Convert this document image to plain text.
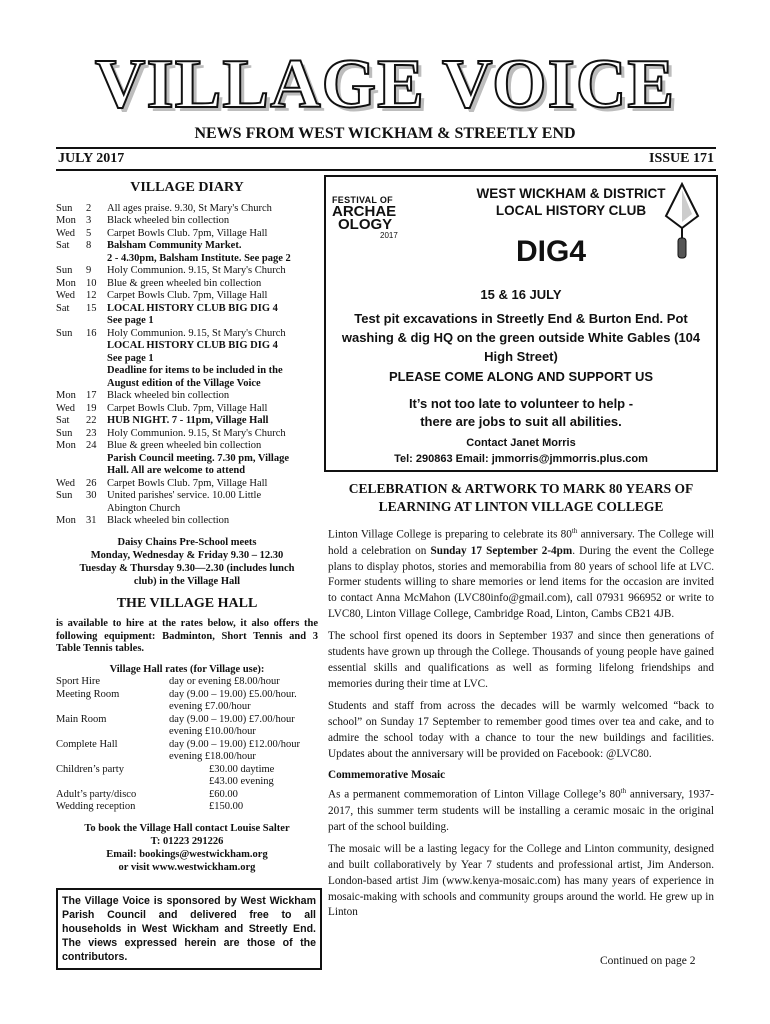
VILLAGE VOICE
NEWS FROM WEST WICKHAM & STREETLY END
JULY 2017	ISSUE 171
VILLAGE DIARY
Sun	2	All ages praise. 9.30, St Mary's Church
Mon 3	Black wheeled bin collection
Wed	5	Carpet Bowls Club. 7pm, Village Hall
Sat	8	Balsham Community Market.
2 - 4.30pm, Balsham Institute. See page 2
Sun	9	Holy Communion. 9.15, St Mary's Church
Mon 10	Blue & green wheeled bin collection
Wed	12	Carpet Bowls Club. 7pm, Village Hall
Sat	15	LOCAL HISTORY CLUB BIG DIG 4
See page 1
Sun	16	Holy Communion. 9.15, St Mary's Church
LOCAL HISTORY CLUB BIG DIG 4
See page 1
Deadline for items to be included in the
August edition of the Village Voice
Mon 17	Black wheeled bin collection
Wed	19	Carpet Bowls Club. 7pm, Village Hall
Sat	22	HUB NIGHT. 7 - 11pm, Village Hall
Sun	23	Holy Communion. 9.15, St Mary's Church
Mon 24	Blue & green wheeled bin collection
Parish Council meeting. 7.30 pm, Village
Hall. All are welcome to attend
Wed	26	Carpet Bowls Club. 7pm, Village Hall
Sun	30	United parishes' service. 10.00 Little
Abington Church
Mon 31	Black wheeled bin collection
Daisy Chains Pre-School meets
Monday, Wednesday & Friday 9.30 – 12.30
Tuesday & Thursday 9.30—2.30 (includes lunch
club) in the Village Hall
THE VILLAGE HALL
is available to hire at the rates below, it also offers the following equipment: Badminton, Short Tennis and 3 Table Tennis tables.
Village Hall rates (for Village use):
Sport Hire	day or evening £8.00/hour
Meeting Room	day (9.00 – 19.00) £5.00/hour.
evening £7.00/hour
Main Room	day (9.00 – 19.00) £7.00/hour
evening £10.00/hour
Complete Hall	day (9.00 – 19.00) £12.00/hour
evening £18.00/hour
Children’s party	£30.00 daytime
£43.00 evening
Adult’s party/disco	£60.00
Wedding reception	£150.00
To book the Village Hall contact Louise Salter
T: 01223 291226
Email: bookings@westwickham.org
or visit www.westwickham.org
The Village Voice is sponsored by West Wickham Parish Council and delivered free to all households in West Wickham and Streetly End. The views expressed herein are those of the contributors.
FESTIVAL OF
ARCHAE
OLOGY
2017
WEST WICKHAM & DISTRICT
LOCAL HISTORY CLUB
DIG4
15 & 16 JULY
Test pit excavations in Streetly End & Burton End. Pot washing & dig HQ on the green outside White Gables (104 High Street)
PLEASE COME ALONG AND SUPPORT US
It’s not too late to volunteer to help -
there are jobs to suit all abilities.
Contact Janet Morris
Tel: 290863 Email: jmmorris@jmmorris.plus.com
CELEBRATION & ARTWORK TO MARK 80 YEARS OF LEARNING AT LINTON VILLAGE COLLEGE

Linton Village College is preparing to celebrate its 80th anniversary. The College will hold a celebration on Sunday 17 September 2-4pm. During the event the College plans to display photos, stories and memorabilia from 80 years of school life at LVC. Former students willing to share memories or lend items for the occasion are invited to contact Anna McMahon (LVC80info@gmail.com), call 07931 966952 or write to LVC80, Linton Village College, Cambridge Road, Linton, Cambs CB21 4JB.

The school first opened its doors in September 1937 and since then generations of students have grown up through the College. Thousands of young people have gained essential skills and qualifications as well as forming lifelong friendships and memories during their time at LVC.

Students and staff from across the decades will be warmly welcomed “back to school” on Sunday 17 September to remember good times over tea and cake, and to admire the school today with a chance to tour the new buildings and facilities. Updates about the anniversary will be provided on Facebook: @LVC80.

Commemorative Mosaic

As a permanent commemoration of Linton Village College’s 80th anniversary, 1937- 2017, this summer term students will be installing a ceramic mosaic in the original part of the school building.

The mosaic will be a lasting legacy for the College and Linton community, designed and built collaboratively by Year 7 students and professional artist, Jim Anderson. London-based artist Jim (www.kenya-mosaic.com) has many years of experience in mosaic-making with schools and community groups around the world. He grew up in Linton

Continued on page 2
